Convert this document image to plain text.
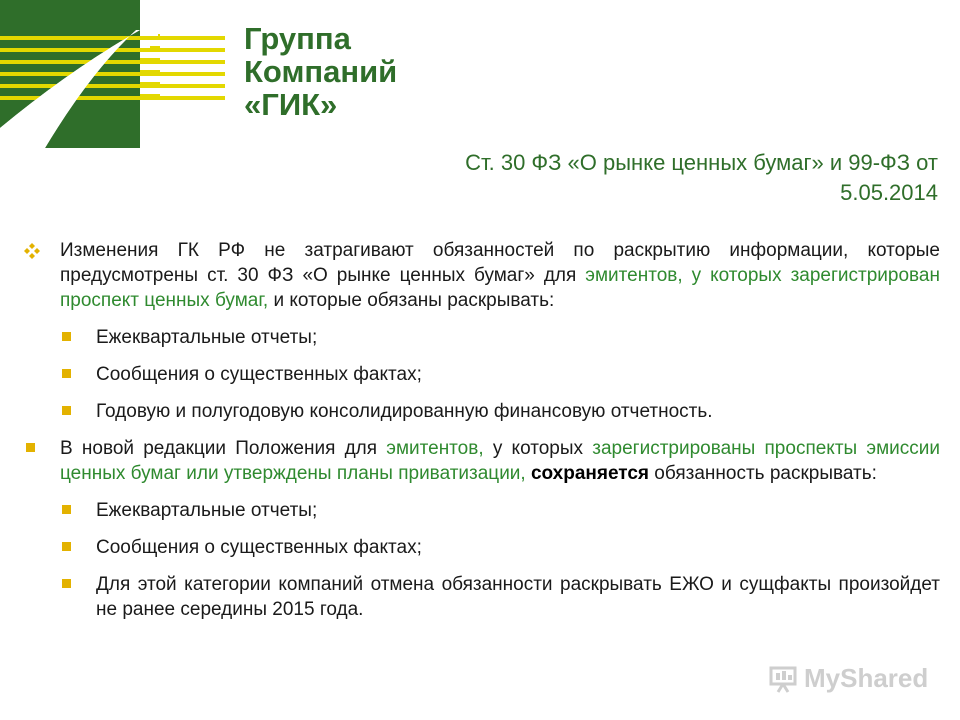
Группа
Компаний
«ГИК»
Ст. 30 ФЗ «О рынке ценных бумаг» и 99-ФЗ от
5.05.2014
Изменения ГК РФ не затрагивают обязанностей по раскрытию информации, которые предусмотрены ст. 30 ФЗ «О рынке ценных бумаг» для эмитентов, у которых зарегистрирован проспект ценных бумаг, и которые обязаны раскрывать:
Ежеквартальные отчеты;
Сообщения о существенных фактах;
Годовую и полугодовую консолидированную финансовую отчетность.
В новой редакции Положения для эмитентов, у которых зарегистрированы проспекты эмиссии ценных бумаг или утверждены планы приватизации, сохраняется обязанность раскрывать:
Ежеквартальные отчеты;
Сообщения о существенных фактах;
Для этой категории компаний отмена обязанности раскрывать ЕЖО и сущфакты произойдет не ранее середины 2015 года.
MyShared
